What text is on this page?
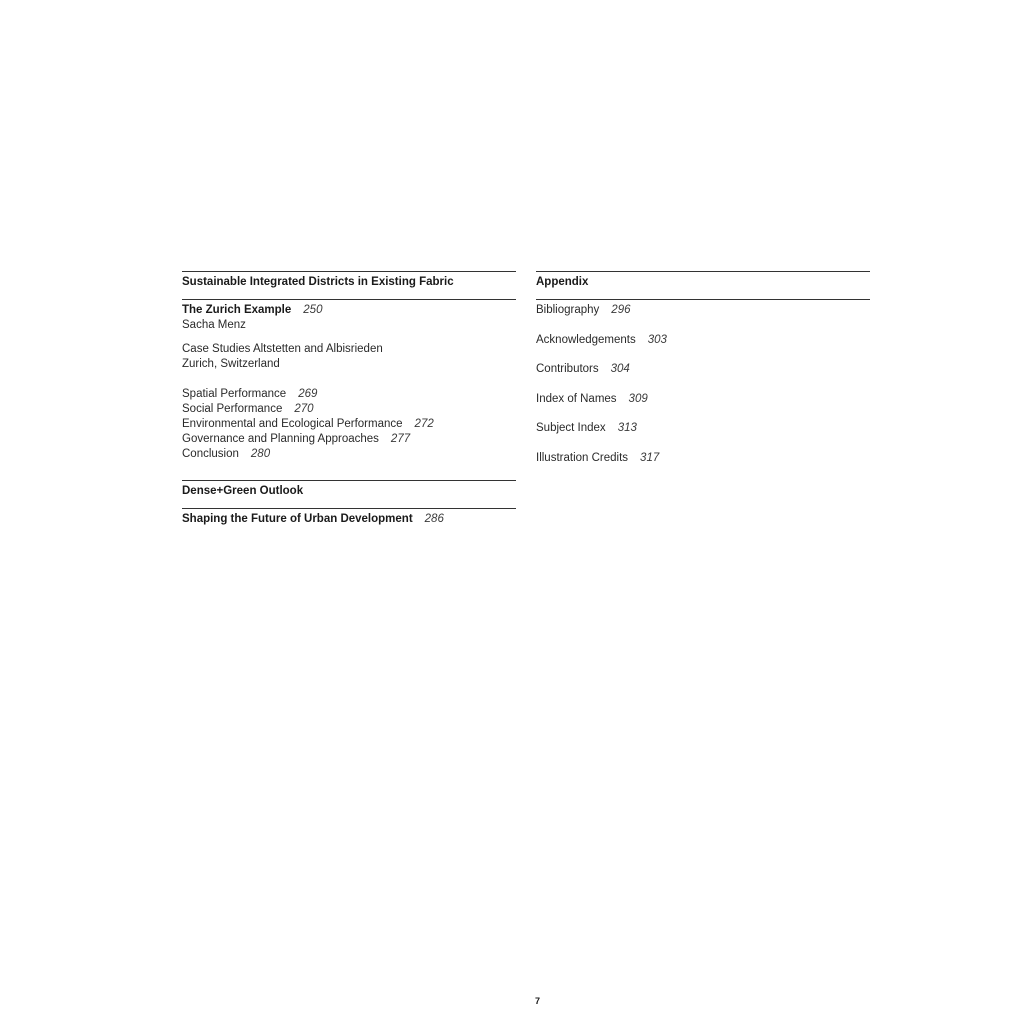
Sustainable Integrated Districts in Existing Fabric
The Zurich Example 250
Sacha Menz
Case Studies Altstetten and Albisrieden
Zurich, Switzerland
Spatial Performance 269
Social Performance 270
Environmental and Ecological Performance 272
Governance and Planning Approaches 277
Conclusion 280
Dense+Green Outlook
Shaping the Future of Urban Development 286
Appendix
Bibliography 296
Acknowledgements 303
Contributors 304
Index of Names 309
Subject Index 313
Illustration Credits 317
7
